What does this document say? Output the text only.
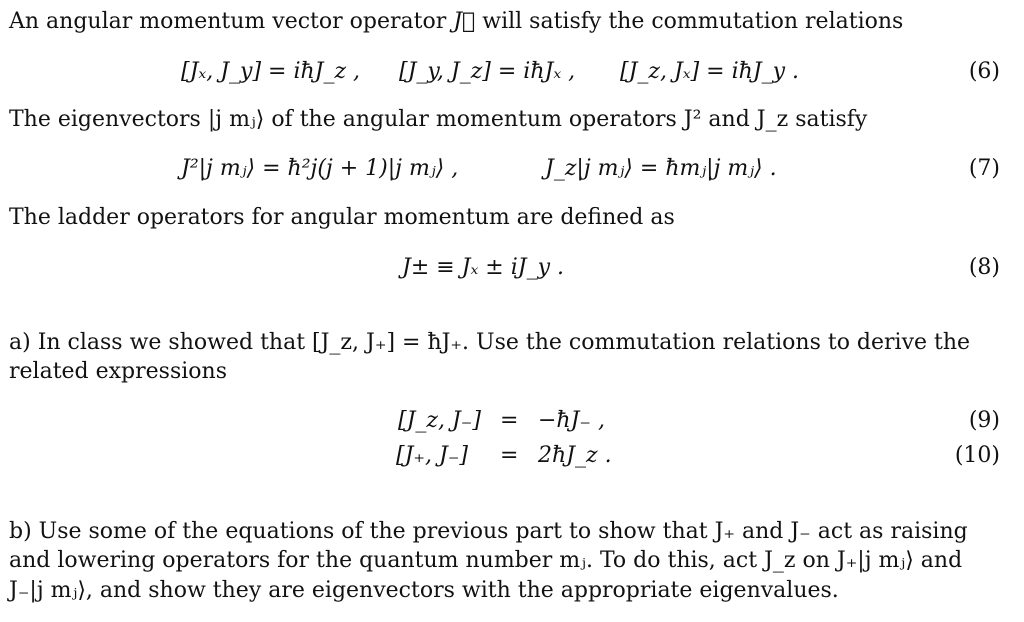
An angular momentum vector operator J⃗ will satisfy the commutation relations
[Jₓ, J_y] = iħJ_z , [J_y, J_z] = iħJₓ , [J_z, Jₓ] = iħJ_y .	(6)
The eigenvectors |j mⱼ⟩ of the angular momentum operators J² and J_z satisfy
J²|j mⱼ⟩ = ħ²j(j + 1)|j mⱼ⟩ ,	J_z|j mⱼ⟩ = ħmⱼ|j mⱼ⟩ .	(7)
The ladder operators for angular momentum are defined as
J± ≡ Jₓ ± iJ_y .	(8)
a) In class we showed that [J_z, J₊] = ħJ₊. Use the commutation relations to derive the
related expressions
[J_z, J₋] = −ħJ₋ ,	(9)
[J₊, J₋] = 2ħJ_z .	(10)
b) Use some of the equations of the previous part to show that J₊ and J₋ act as raising
and lowering operators for the quantum number mⱼ. To do this, act J_z on J₊|j mⱼ⟩ and
J₋|j mⱼ⟩, and show they are eigenvectors with the appropriate eigenvalues.
